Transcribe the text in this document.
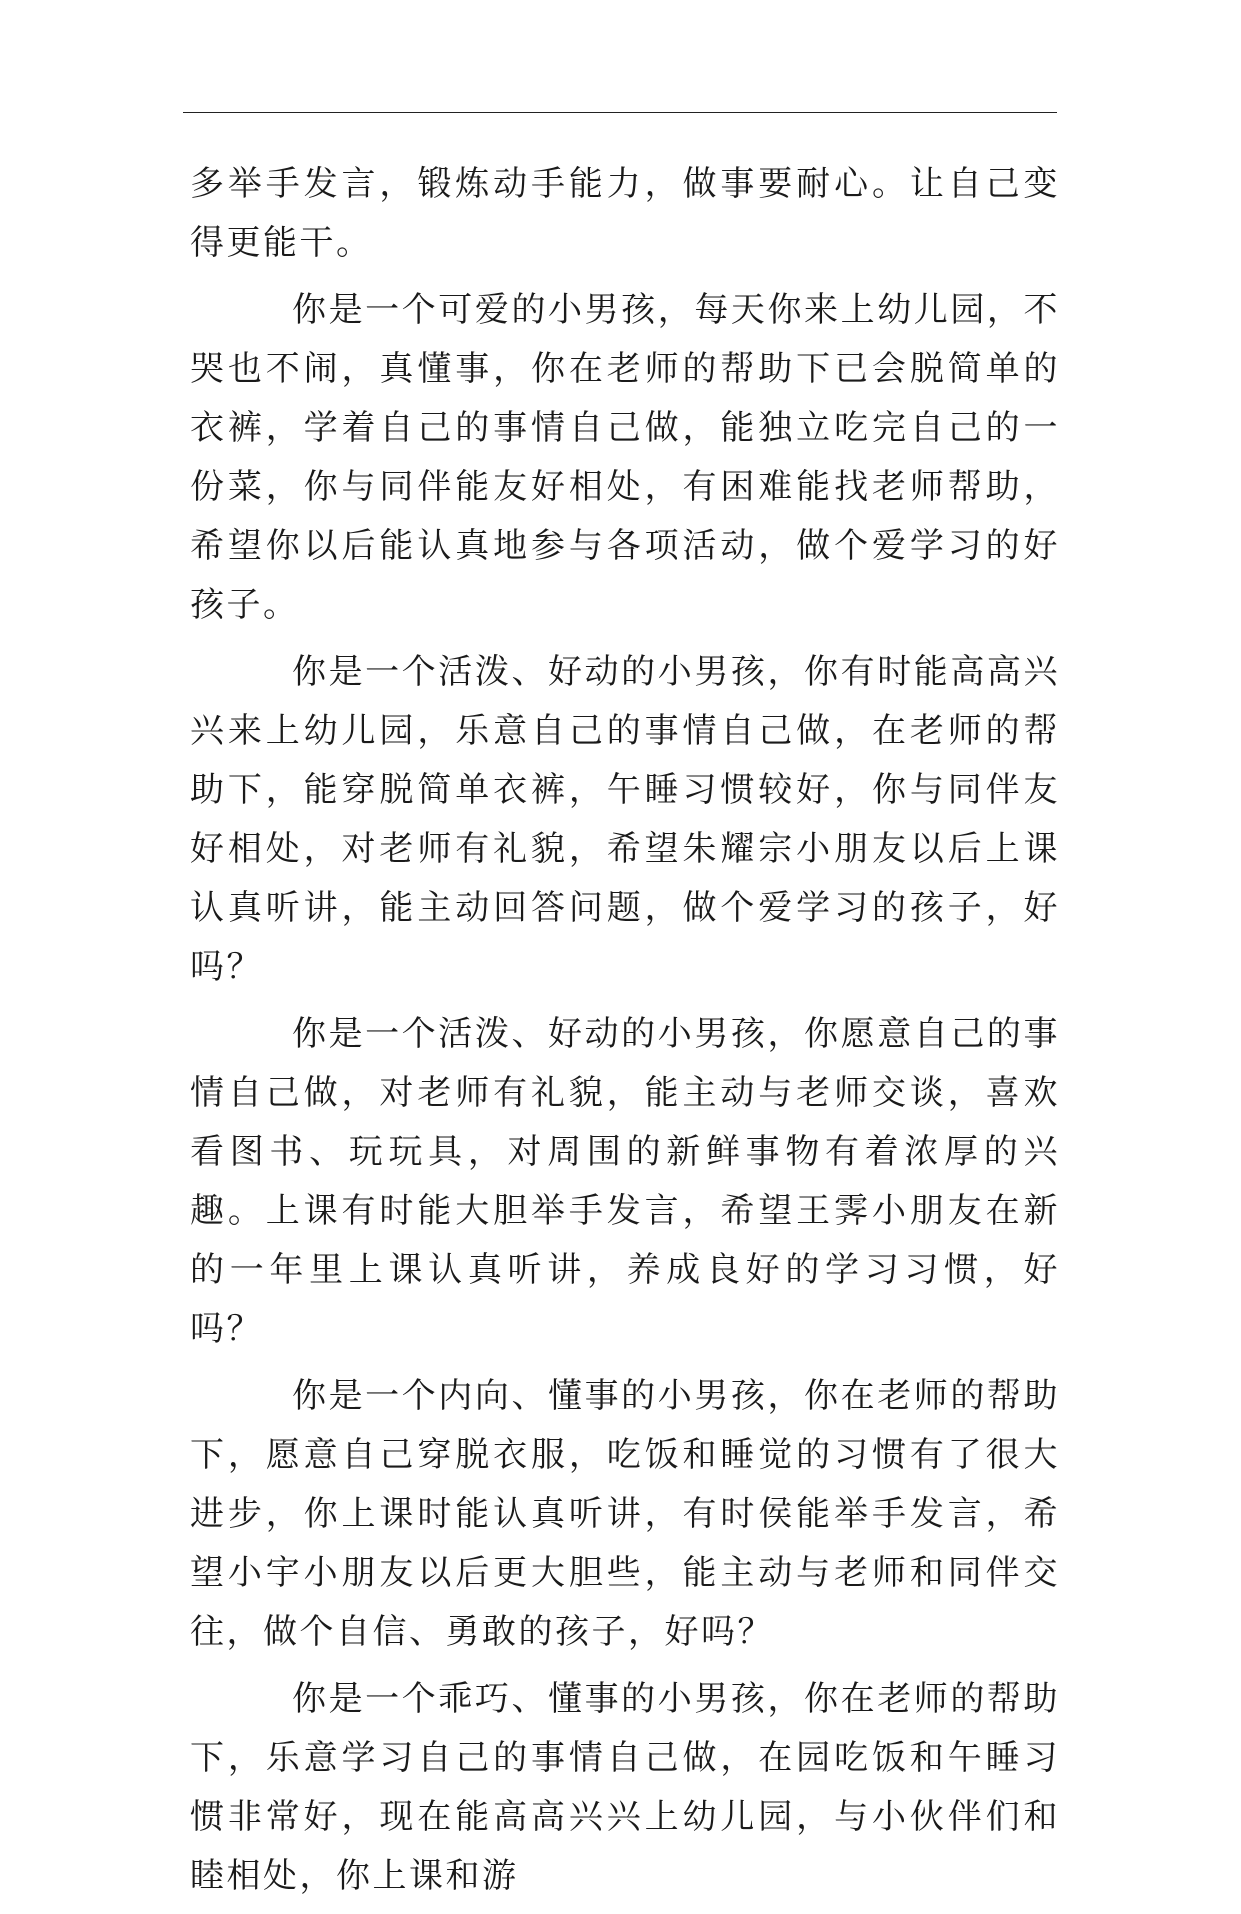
多举手发言，锻炼动手能力，做事要耐心。让自己变得更能干。

你是一个可爱的小男孩，每天你来上幼儿园，不哭也不闹，真懂事，你在老师的帮助下已会脱简单的衣裤，学着自己的事情自己做，能独立吃完自己的一份菜，你与同伴能友好相处，有困难能找老师帮助，希望你以后能认真地参与各项活动，做个爱学习的好孩子。

你是一个活泼、好动的小男孩，你有时能高高兴兴来上幼儿园，乐意自己的事情自己做，在老师的帮助下，能穿脱简单衣裤，午睡习惯较好，你与同伴友好相处，对老师有礼貌，希望朱耀宗小朋友以后上课认真听讲，能主动回答问题，做个爱学习的孩子，好吗？

你是一个活泼、好动的小男孩，你愿意自己的事情自己做，对老师有礼貌，能主动与老师交谈，喜欢看图书、玩玩具，对周围的新鲜事物有着浓厚的兴趣。上课有时能大胆举手发言，希望王霁小朋友在新的一年里上课认真听讲，养成良好的学习习惯，好吗？

你是一个内向、懂事的小男孩，你在老师的帮助下，愿意自己穿脱衣服，吃饭和睡觉的习惯有了很大进步，你上课时能认真听讲，有时侯能举手发言，希望小宇小朋友以后更大胆些，能主动与老师和同伴交往，做个自信、勇敢的孩子，好吗？

你是一个乖巧、懂事的小男孩，你在老师的帮助下，乐意学习自己的事情自己做，在园吃饭和午睡习惯非常好，现在能高高兴兴上幼儿园，与小伙伴们和睦相处，你上课和游
